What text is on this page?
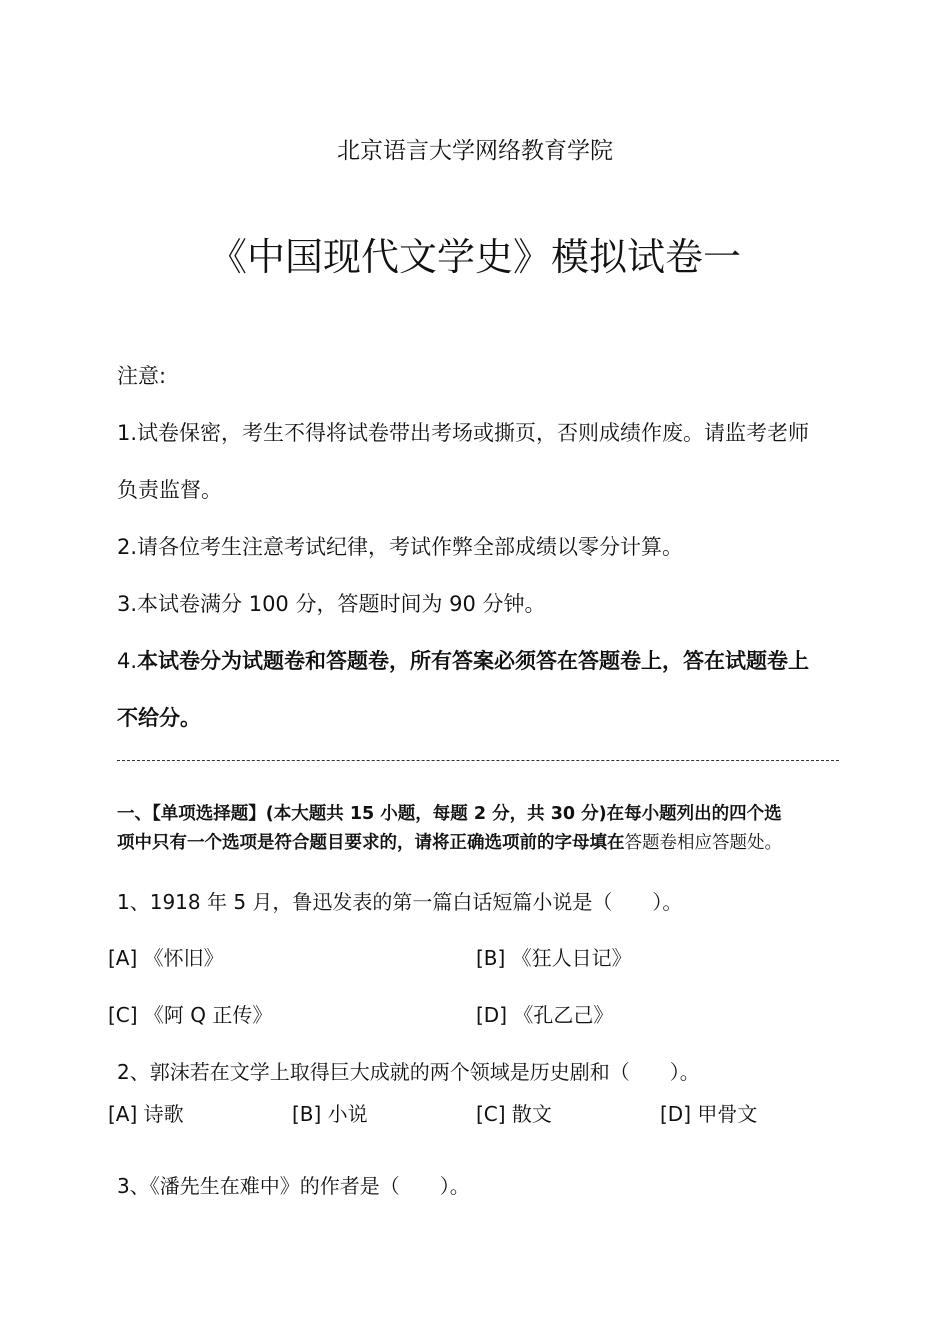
北京语言大学网络教育学院

《中国现代文学史》模拟试卷一

注意:

1.试卷保密，考生不得将试卷带出考场或撕页，否则成绩作废。请监考老师

负责监督。

2.请各位考生注意考试纪律，考试作弊全部成绩以零分计算。

3.本试卷满分 100 分，答题时间为 90 分钟。

4.本试卷分为试题卷和答题卷，所有答案必须答在答题卷上，答在试题卷上

不给分。

一、【单项选择题】(本大题共 15 小题，每题 2 分，共 30 分)在每小题列出的四个选

项中只有一个选项是符合题目要求的，请将正确选项前的字母填在答题卷相应答题处。

1、1918 年 5 月，鲁迅发表的第一篇白话短篇小说是（　　）。

[A] 《怀旧》	[B] 《狂人日记》

[C] 《阿 Q 正传》	[D] 《孔乙己》

2、郭沫若在文学上取得巨大成就的两个领域是历史剧和（　　）。

[A] 诗歌	[B] 小说	[C] 散文	[D] 甲骨文

3、《潘先生在难中》的作者是（　　）。
